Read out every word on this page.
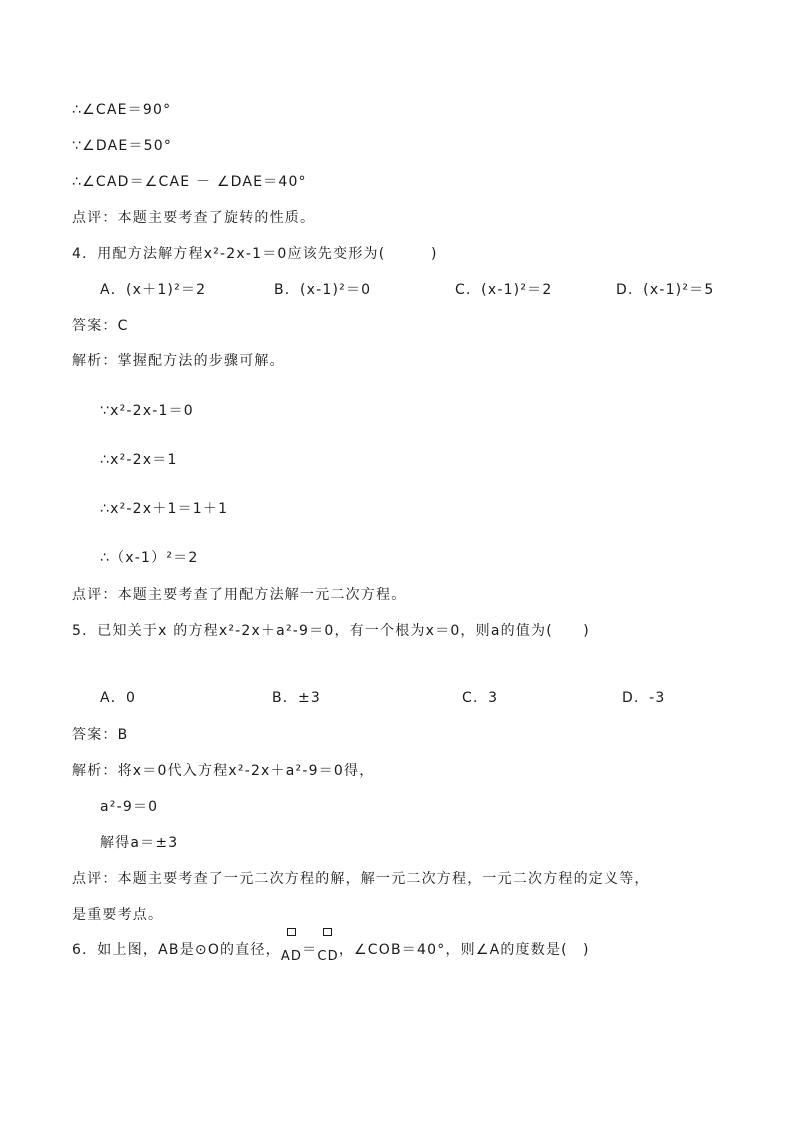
∴∠CAE＝90°
∵∠DAE＝50°
∴∠CAD＝∠CAE － ∠DAE＝40°
点评：本题主要考查了旋转的性质。
4．用配方法解方程x²-2x-1＝0应该先变形为(　　　)
A．(x＋1)²＝2	B．(x-1)²＝0	C．(x-1)²＝2	D．(x-1)²＝5
答案：C
解析：掌握配方法的步骤可解。
∵x²-2x-1＝0
∴x²-2x＝1
∴x²-2x＋1＝1＋1
∴（x-1）²＝2
点评：本题主要考查了用配方法解一元二次方程。
5．已知关于x 的方程x²-2x＋a²-9＝0，有一个根为x＝0，则a的值为(　　)
A．0	B．±3	C．3	D．-3
答案：B
解析：将x＝0代入方程x²-2x＋a²-9＝0得，
a²-9＝0
解得a＝±3
点评：本题主要考查了一元二次方程的解，解一元二次方程，一元二次方程的定义等，
是重要考点。
6．如上图，AB是⊙O的直径，
AD＝
CD，∠COB＝40°，则∠A的度数是(　)
